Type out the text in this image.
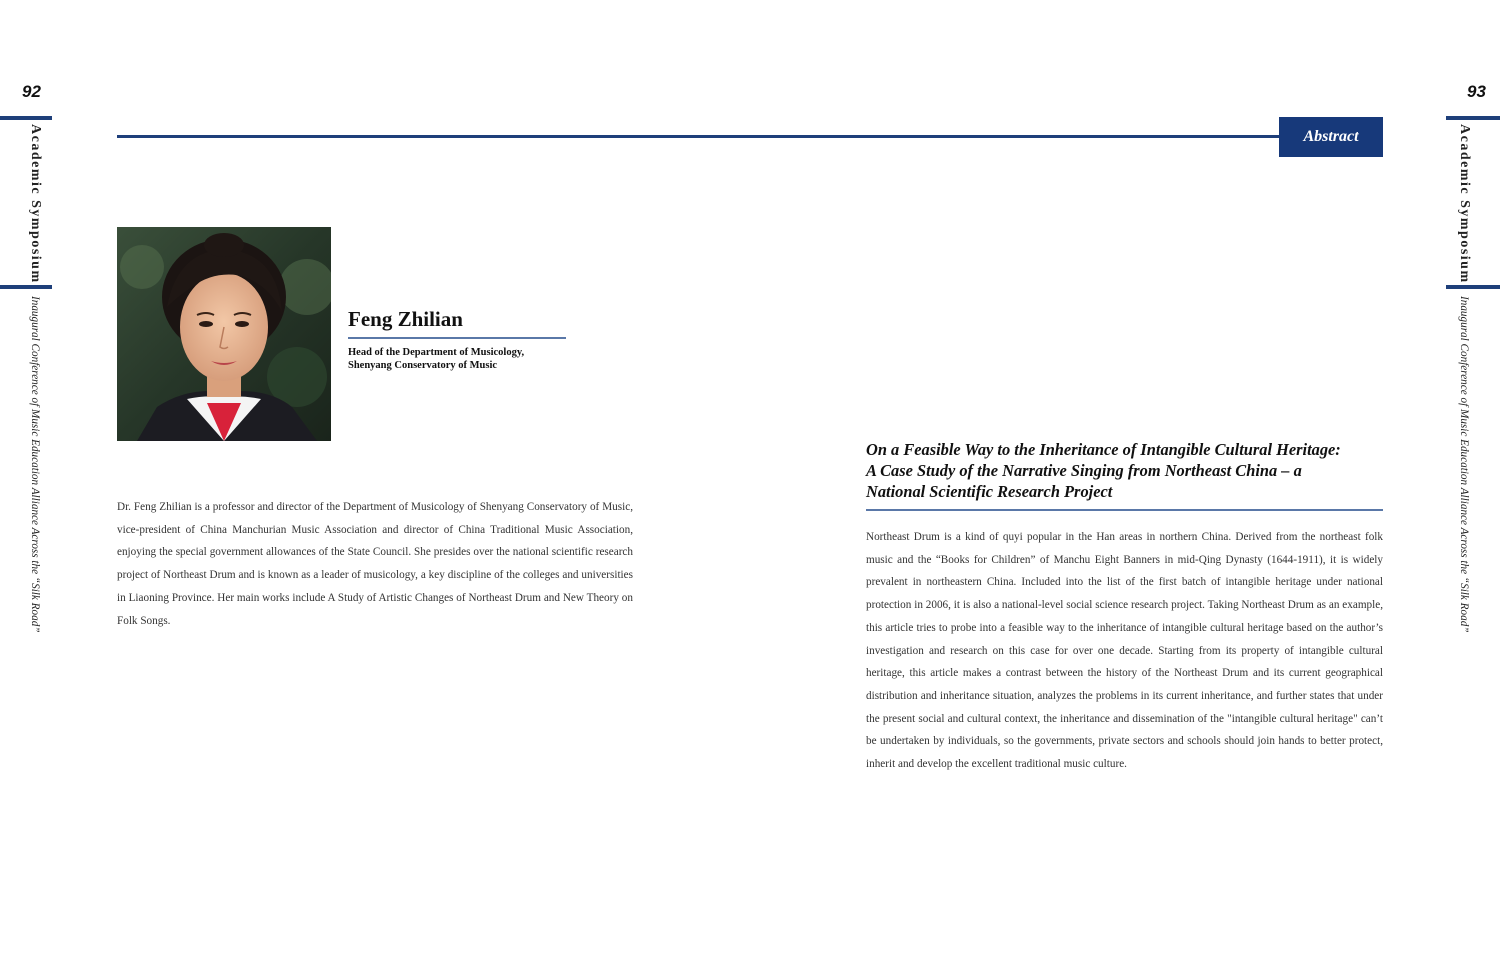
92
Academic Symposium
Inaugural Conference of Music Education Alliance Across the “Silk Road”
93
Academic Symposium
Inaugural Conference of Music Education Alliance Across the “Silk Road”
Abstract
Feng Zhilian
Head of the Department of Musicology,
Shenyang Conservatory of Music

Dr. Feng Zhilian is a professor and director of the Department of Musicology of Shenyang Conservatory of Music, vice-president of China Manchurian Music Association and director of China Traditional Music Association, enjoying the special government allowances of the State Council. She presides over the national scientific research project of Northeast Drum and is known as a leader of musicology, a key discipline of the colleges and universities in Liaoning Province. Her main works include A Study of Artistic Changes of Northeast Drum and New Theory on Folk Songs.

On a Feasible Way to the Inheritance of Intangible Cultural Heritage:
A Case Study of the Narrative Singing from Northeast China – a
National Scientific Research Project

Northeast Drum is a kind of quyi popular in the Han areas in northern China. Derived from the northeast folk music and the “Books for Children” of Manchu Eight Banners in mid-Qing Dynasty (1644-1911), it is widely prevalent in northeastern China. Included into the list of the first batch of intangible heritage under national protection in 2006, it is also a national-level social science research project. Taking Northeast Drum as an example, this article tries to probe into a feasible way to the inheritance of intangible cultural heritage based on the author’s investigation and research on this case for over one decade. Starting from its property of intangible cultural heritage, this article makes a contrast between the history of the Northeast Drum and its current geographical distribution and inheritance situation, analyzes the problems in its current inheritance, and further states that under the present social and cultural context, the inheritance and dissemination of the "intangible cultural heritage" can’t be undertaken by individuals, so the governments, private sectors and schools should join hands to better protect, inherit and develop the excellent traditional music culture.
